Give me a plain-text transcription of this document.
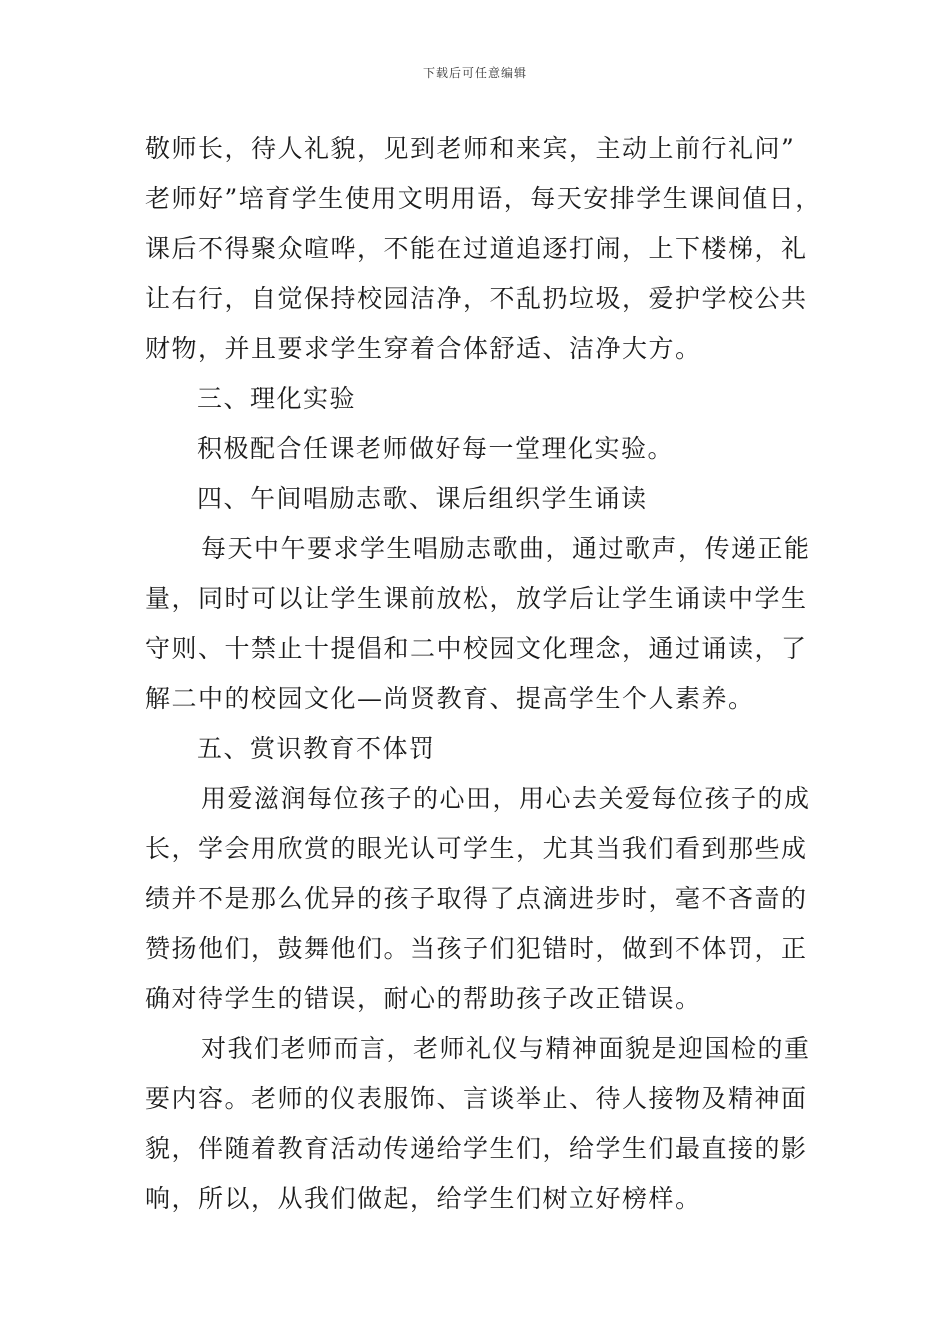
下载后可任意编辑
敬师长，待人礼貌，见到老师和来宾，主动上前行礼问”
老师好”培育学生使用文明用语，每天安排学生课间值日，
课后不得聚众喧哗，不能在过道追逐打闹，上下楼梯，礼
让右行，自觉保持校园洁净，不乱扔垃圾，爱护学校公共
财物，并且要求学生穿着合体舒适、洁净大方。
三、理化实验
积极配合任课老师做好每一堂理化实验。
四、午间唱励志歌、课后组织学生诵读
每天中午要求学生唱励志歌曲，通过歌声，传递正能
量，同时可以让学生课前放松，放学后让学生诵读中学生
守则、十禁止十提倡和二中校园文化理念，通过诵读，了
解二中的校园文化—尚贤教育、提高学生个人素养。
五、赏识教育不体罚
用爱滋润每位孩子的心田，用心去关爱每位孩子的成
长，学会用欣赏的眼光认可学生，尤其当我们看到那些成
绩并不是那么优异的孩子取得了点滴进步时，毫不吝啬的
赞扬他们，鼓舞他们。当孩子们犯错时，做到不体罚，正
确对待学生的错误，耐心的帮助孩子改正错误。
对我们老师而言，老师礼仪与精神面貌是迎国检的重
要内容。老师的仪表服饰、言谈举止、待人接物及精神面
貌，伴随着教育活动传递给学生们，给学生们最直接的影
响，所以，从我们做起，给学生们树立好榜样。
